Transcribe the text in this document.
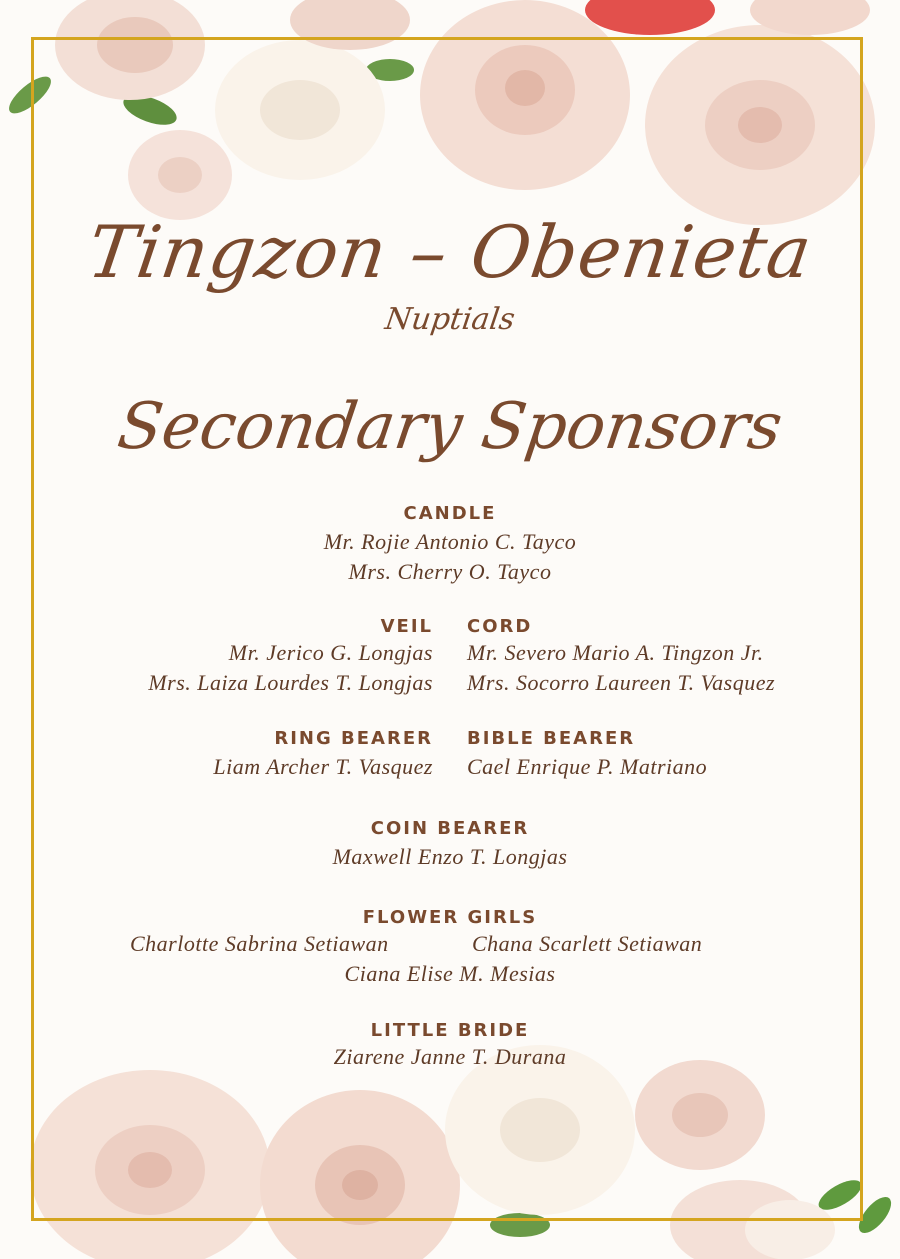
Tingzon – Obenieta
Nuptials
Secondary Sponsors
CANDLE
Mr. Rojie Antonio C. Tayco
Mrs. Cherry O. Tayco
VEIL
Mr. Jerico G. Longjas
Mrs. Laiza Lourdes T. Longjas
CORD
Mr. Severo Mario A. Tingzon Jr.
Mrs. Socorro Laureen T. Vasquez
RING BEARER
Liam Archer T. Vasquez
BIBLE BEARER
Cael Enrique P. Matriano
COIN BEARER
Maxwell Enzo T. Longjas
FLOWER GIRLS
Charlotte Sabrina Setiawan	Chana Scarlett Setiawan
Ciana Elise M. Mesias
LITTLE BRIDE
Ziarene Janne T. Durana
